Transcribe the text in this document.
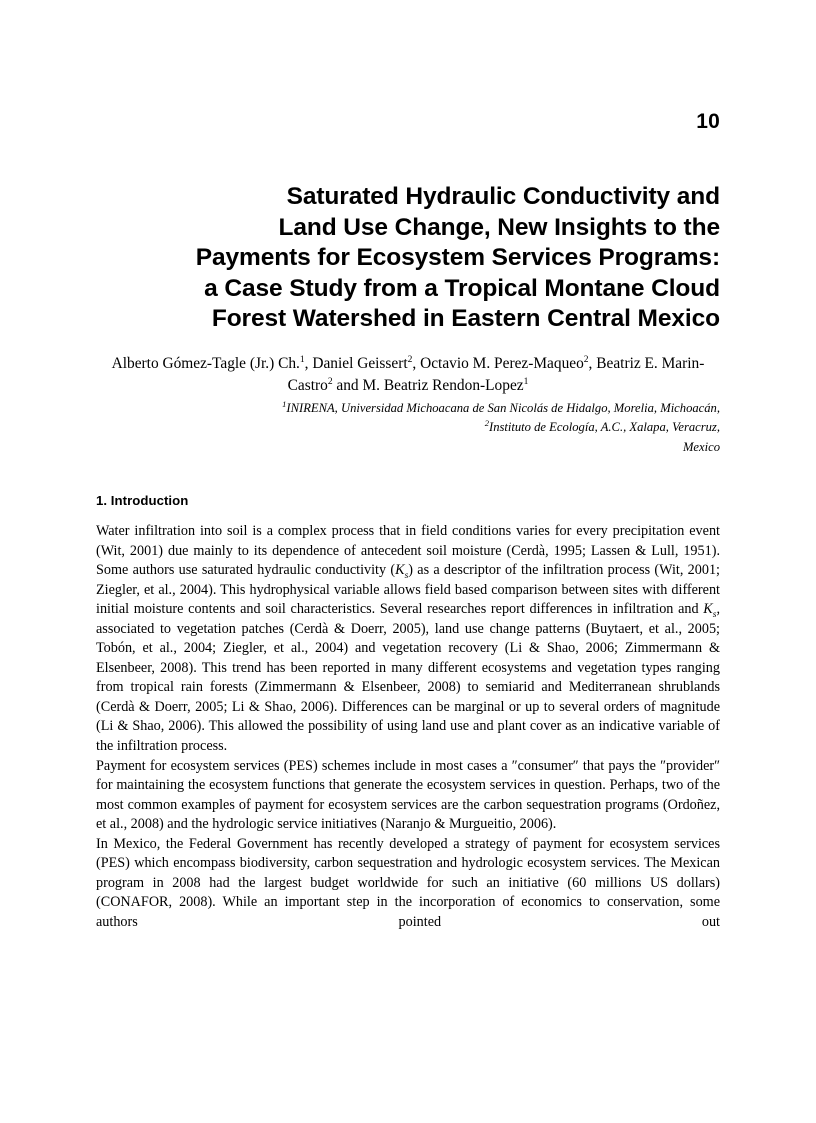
10
Saturated Hydraulic Conductivity and
Land Use Change, New Insights to the
Payments for Ecosystem Services Programs:
a Case Study from a Tropical Montane Cloud
Forest Watershed in Eastern Central Mexico
Alberto Gómez-Tagle (Jr.) Ch.$^1$, Daniel Geissert$^2$, Octavio M. Perez-Maqueo$^2$, Beatriz E. Marin-Castro$^2$ and M. Beatriz Rendon-Lopez$^1$
$^1$INIRENA, Universidad Michoacana de San Nicolás de Hidalgo, Morelia, Michoacán,
$^2$Instituto de Ecología, A.C., Xalapa, Veracruz,
Mexico
1. Introduction

Water infiltration into soil is a complex process that in field conditions varies for every precipitation event (Wit, 2001) due mainly to its dependence of antecedent soil moisture (Cerdà, 1995; Lassen & Lull, 1951). Some authors use saturated hydraulic conductivity $(K_s)$ as a descriptor of the infiltration process (Wit, 2001; Ziegler, et al., 2004). This hydrophysical variable allows field based comparison between sites with different initial moisture contents and soil characteristics. Several researches report differences in infiltration and $K_s$, associated to vegetation patches (Cerdà & Doerr, 2005), land use change patterns (Buytaert, et al., 2005; Tobón, et al., 2004; Ziegler, et al., 2004) and vegetation recovery (Li & Shao, 2006; Zimmermann & Elsenbeer, 2008). This trend has been reported in many different ecosystems and vegetation types ranging from tropical rain forests (Zimmermann & Elsenbeer, 2008) to semiarid and Mediterranean shrublands (Cerdà & Doerr, 2005; Li & Shao, 2006). Differences can be marginal or up to several orders of magnitude (Li & Shao, 2006). This allowed the possibility of using land use and plant cover as an indicative variable of the infiltration process.

Payment for ecosystem services (PES) schemes include in most cases a ″consumer″ that pays the ″provider″ for maintaining the ecosystem functions that generate the ecosystem services in question. Perhaps, two of the most common examples of payment for ecosystem services are the carbon sequestration programs (Ordoñez, et al., 2008) and the hydrologic service initiatives (Naranjo & Murgueitio, 2006).

In Mexico, the Federal Government has recently developed a strategy of payment for ecosystem services (PES) which encompass biodiversity, carbon sequestration and hydrologic ecosystem services. The Mexican program in 2008 had the largest budget worldwide for such an initiative (60 millions US dollars) (CONAFOR, 2008). While an important step in the incorporation of economics to conservation, some authors pointed out
